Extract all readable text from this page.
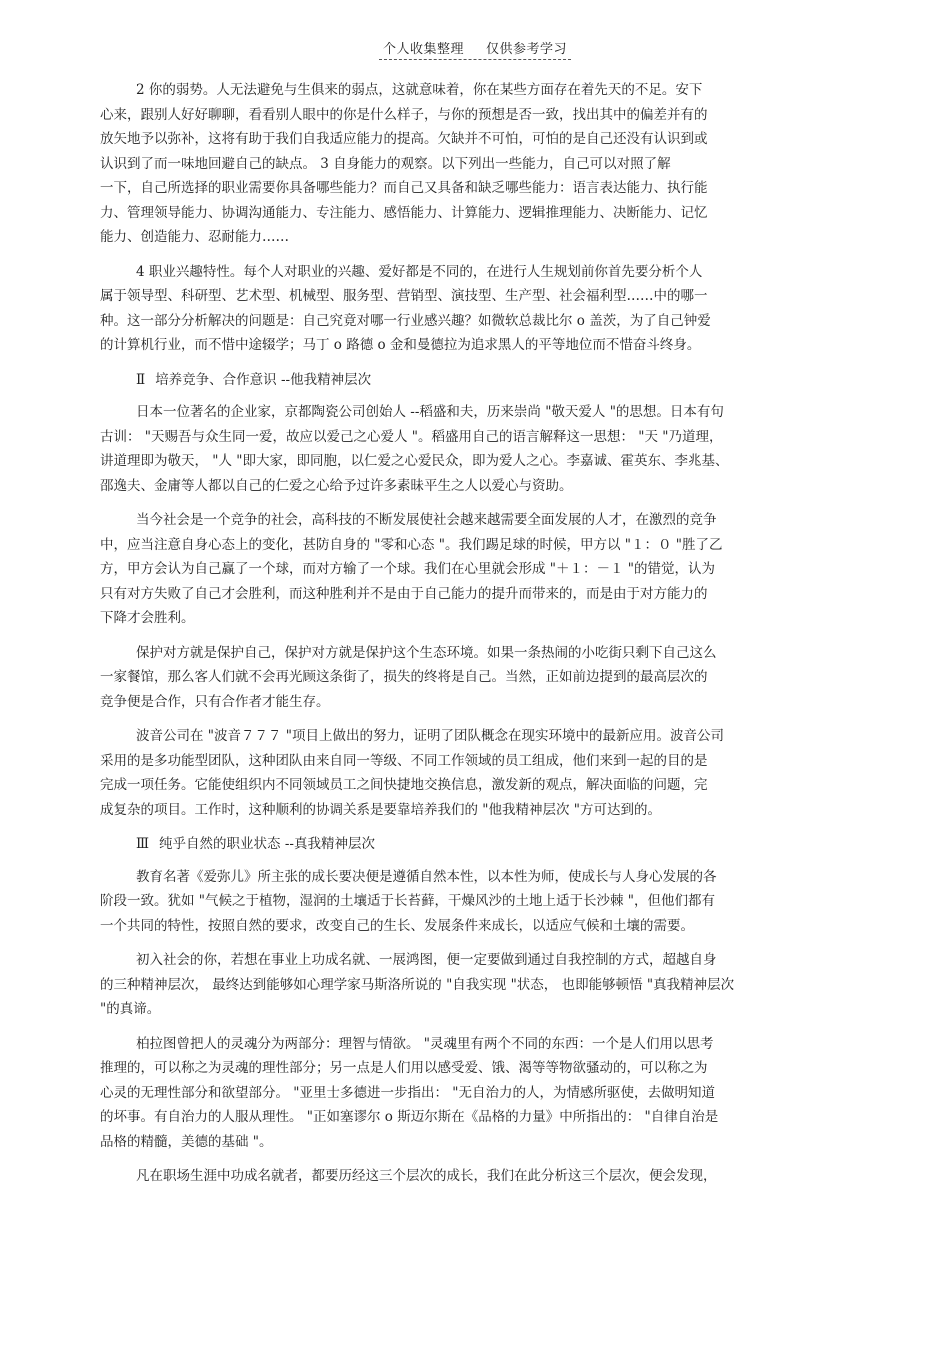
个人收集整理 仅供参考学习
2 你的弱势。人无法避免与生俱来的弱点，这就意味着，你在某些方面存在着先天的不足。安下
心来，跟别人好好聊聊，看看别人眼中的你是什么样子，与你的预想是否一致，找出其中的偏差并有的
放矢地予以弥补，这将有助于我们自我适应能力的提高。欠缺并不可怕，可怕的是自己还没有认识到或
认识到了而一味地回避自己的缺点。 3 自身能力的观察。以下列出一些能力，自己可以对照了解
一下，自己所选择的职业需要你具备哪些能力？而自己又具备和缺乏哪些能力：语言表达能力、执行能
力、管理领导能力、协调沟通能力、专注能力、感悟能力、计算能力、逻辑推理能力、决断能力、记忆
能力、创造能力、忍耐能力……
4 职业兴趣特性。每个人对职业的兴趣、爱好都是不同的，在进行人生规划前你首先要分析个人
属于领导型、科研型、艺术型、机械型、服务型、营销型、演技型、生产型、社会福利型……中的哪一
种。这一部分分析解决的问题是：自己究竟对哪一行业感兴趣？如微软总裁比尔 o 盖茨，为了自己钟爱
的计算机行业，而不惜中途辍学；马丁 o 路德 o 金和曼德拉为追求黑人的平等地位而不惜奋斗终身。
Ⅱ 培养竞争、合作意识 --他我精神层次
日本一位著名的企业家，京都陶瓷公司创始人 --稻盛和夫，历来崇尚 "敬天爱人 "的思想。日本有句
古训： "天赐吾与众生同一爱，故应以爱己之心爱人 "。稻盛用自己的语言解释这一思想： "天 "乃道理，
讲道理即为敬天， "人 "即大家，即同胞，以仁爱之心爱民众，即为爱人之心。李嘉诚、霍英东、李兆基、
邵逸夫、金庸等人都以自己的仁爱之心给予过许多素昧平生之人以爱心与资助。
当今社会是一个竞争的社会，高科技的不断发展使社会越来越需要全面发展的人才，在激烈的竞争
中，应当注意自身心态上的变化，甚防自身的 "零和心态 "。我们踢足球的时候，甲方以 "１：０ "胜了乙
方，甲方会认为自己赢了一个球，而对方输了一个球。我们在心里就会形成 "＋１：－１ "的错觉，认为
只有对方失败了自己才会胜利，而这种胜利并不是由于自己能力的提升而带来的，而是由于对方能力的
下降才会胜利。
保护对方就是保护自己，保护对方就是保护这个生态环境。如果一条热闹的小吃街只剩下自己这么
一家餐馆，那么客人们就不会再光顾这条街了，损失的终将是自己。当然，正如前边提到的最高层次的
竞争便是合作，只有合作者才能生存。
波音公司在 "波音７７７ "项目上做出的努力，证明了团队概念在现实环境中的最新应用。波音公司
采用的是多功能型团队，这种团队由来自同一等级、不同工作领域的员工组成，他们来到一起的目的是
完成一项任务。它能使组织内不同领域员工之间快捷地交换信息，激发新的观点，解决面临的问题，完
成复杂的项目。工作时，这种顺利的协调关系是要靠培养我们的 "他我精神层次 "方可达到的。
Ⅲ 纯乎自然的职业状态 --真我精神层次
教育名著《爱弥儿》所主张的成长要决便是遵循自然本性，以本性为师，使成长与人身心发展的各
阶段一致。犹如 "气候之于植物，湿润的土壤适于长苔藓，干燥风沙的土地上适于长沙棘 "，但他们都有
一个共同的特性，按照自然的要求，改变自己的生长、发展条件来成长，以适应气候和土壤的需要。
初入社会的你，若想在事业上功成名就、一展鸿图，便一定要做到通过自我控制的方式，超越自身
的三种精神层次， 最终达到能够如心理学家马斯洛所说的 "自我实现 "状态， 也即能够顿悟 "真我精神层次
"的真谛。
柏拉图曾把人的灵魂分为两部分：理智与情欲。 "灵魂里有两个不同的东西：一个是人们用以思考
推理的，可以称之为灵魂的理性部分；另一点是人们用以感受爱、饿、渴等等物欲骚动的，可以称之为
心灵的无理性部分和欲望部分。 "亚里士多德进一步指出： "无自治力的人，为情感所驱使，去做明知道
的坏事。有自治力的人服从理性。 "正如塞谬尔 o 斯迈尔斯在《品格的力量》中所指出的： "自律自治是
品格的精髓，美德的基础 "。
凡在职场生涯中功成名就者，都要历经这三个层次的成长，我们在此分析这三个层次，便会发现，
